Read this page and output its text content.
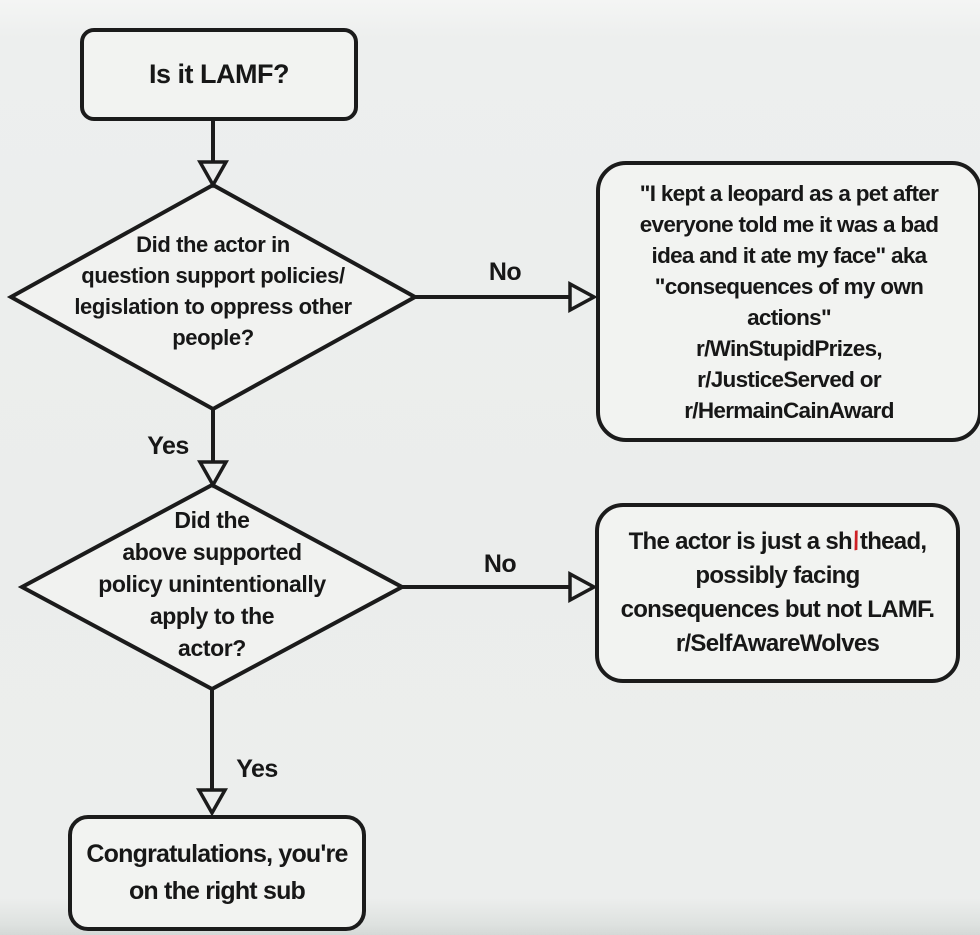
Is it LAMF?
Did the actor in
question support policies/
legislation to oppress other
people?
"I kept a leopard as a pet after
everyone told me it was a bad
idea and it ate my face" aka
"consequences of my own
actions"
r/WinStupidPrizes,
r/JusticeServed or
r/HermainCainAward
Did the
above supported
policy unintentionally
apply to the
actor?
The actor is just a sh/thead,
possibly facing
consequences but not LAMF.
r/SelfAwareWolves
Congratulations, you're
on the right sub
No
Yes
No
Yes
